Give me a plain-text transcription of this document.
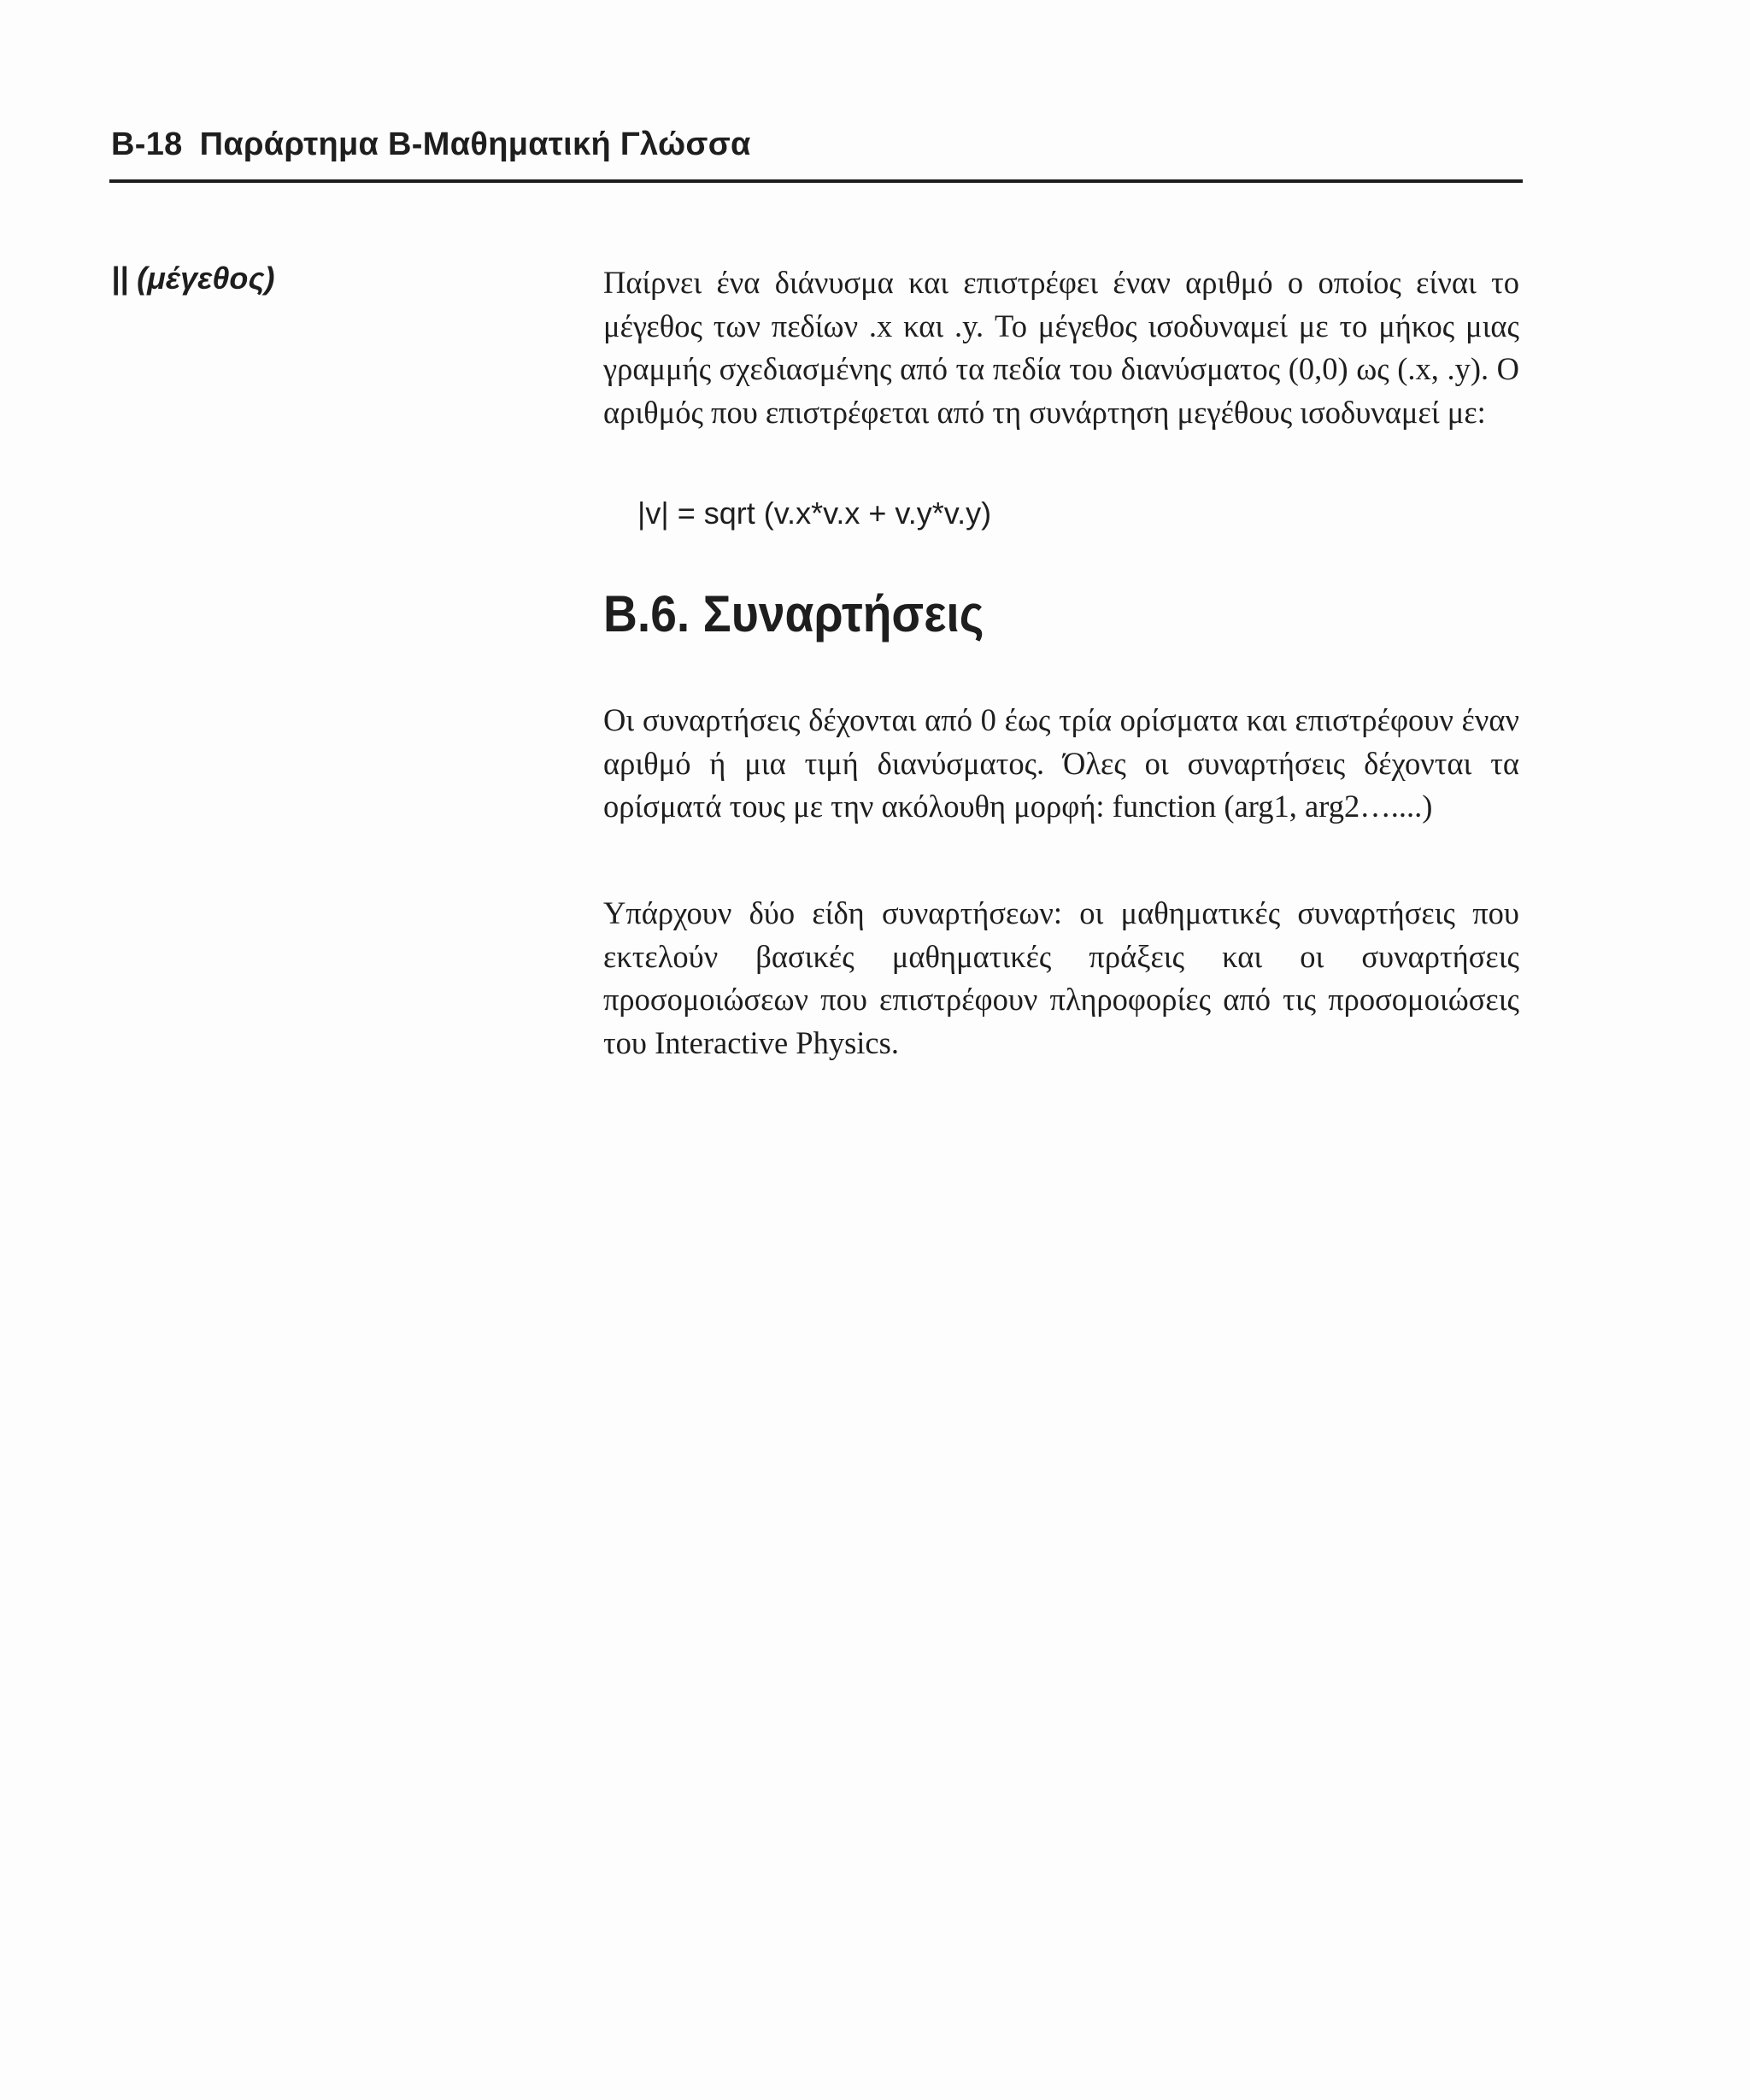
B-18 Παράρτημα Β-Μαθηματική Γλώσσα
|| (μέγεθος)	Παίρνει ένα διάνυσμα και επιστρέφει έναν αριθμό ο οποίος είναι το μέγεθος των πεδίων .x και .y. Το μέγεθος ισοδυναμεί με το μήκος μιας γραμμής σχεδιασμένης από τα πεδία του διανύσματος (0,0) ως (.x, .y). Ο αριθμός που επιστρέφεται από τη συνάρτηση μεγέθους ισοδυναμεί με:

|v| = sqrt (v.x*v.x + v.y*v.y)
B.6. Συναρτήσεις

Οι συναρτήσεις δέχονται από 0 έως τρία ορίσματα και επιστρέφουν έναν αριθμό ή μια τιμή διανύσματος. Όλες οι συναρτήσεις δέχονται τα ορίσματά τους με την ακόλουθη μορφή: function (arg1, arg2…....)

Υπάρχουν δύο είδη συναρτήσεων: οι μαθηματικές συναρτήσεις που εκτελούν βασικές μαθηματικές πράξεις και οι συναρτήσεις προσομοιώσεων που επιστρέφουν πληροφορίες από τις προσομοιώσεις του Interactive Physics.
